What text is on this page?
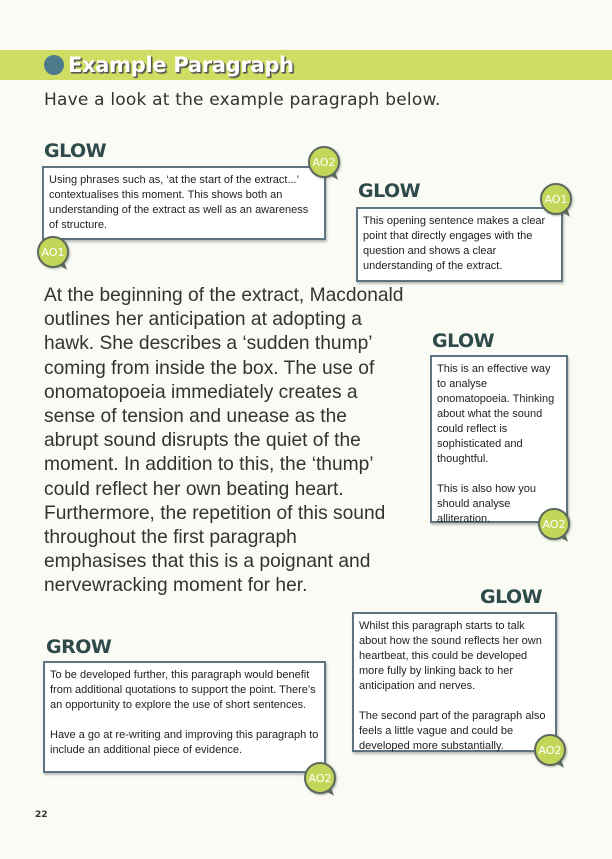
Example Paragraph
Have a look at the example paragraph below.
GLOW

Using phrases such as, ‘at the start of the extract...’ contextualises this moment. This shows both an understanding of the extract as well as an awareness of structure.

AO2
AO1
GLOW

This opening sentence makes a clear point that directly engages with the question and shows a clear understanding of the extract.

AO1
At the beginning of the extract, Macdonald outlines her anticipation at adopting a hawk. She describes a ‘sudden thump’ coming from inside the box. The use of onomatopoeia immediately creates a sense of tension and unease as the abrupt sound disrupts the quiet of the moment. In addition to this, the ‘thump’ could reflect her own beating heart. Furthermore, the repetition of this sound throughout the first paragraph emphasises that this is a poignant and nervewracking moment for her.
GLOW

This is an effective way to analyse onomatopoeia. Thinking about what the sound could reflect is sophisticated and thoughtful.

This is also how you should analyse alliteration.	AO2
GLOW

Whilst this paragraph starts to talk about how the sound reflects her own heartbeat, this could be developed more fully by linking back to her anticipation and nerves.

The second part of the paragraph also feels a little vague and could be developed more substantially.	AO2
GROW

To be developed further, this paragraph would benefit from additional quotations to support the point. There’s an opportunity to explore the use of short sentences.

Have a go at re-writing and improving this paragraph to include an additional piece of evidence.

AO2
22
